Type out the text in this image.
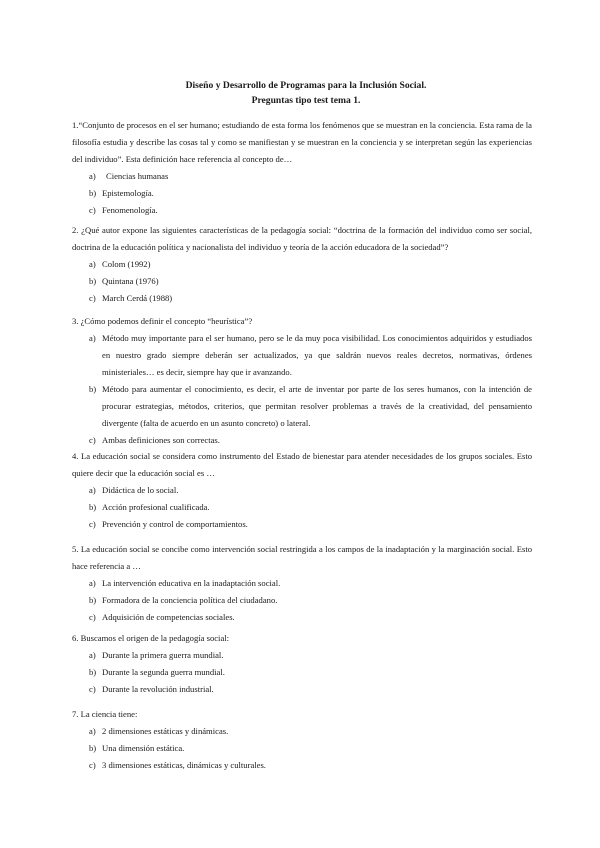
Diseño y Desarrollo de Programas para la Inclusión Social.
Preguntas tipo test tema 1.
1.“Conjunto de procesos en el ser humano; estudiando de esta forma los fenómenos que se muestran en la conciencia. Esta rama de la filosofía estudia y describe las cosas tal y como se manifiestan y se muestran en la conciencia y se interpretan según las experiencias del individuo”. Esta definición hace referencia al concepto de…
a)	Ciencias humanas
b) Epistemología.
c) Fenomenología.
2. ¿Qué autor expone las siguientes características de la pedagogía social: “doctrina de la formación del individuo como ser social, doctrina de la educación política y nacionalista del individuo y teoría de la acción educadora de la sociedad”?
a) Colom (1992)
b) Quintana (1976)
c) March Cerdá (1988)
3. ¿Cómo podemos definir el concepto “heurística”?
a) Método muy importante para el ser humano, pero se le da muy poca visibilidad. Los conocimientos adquiridos y estudiados en nuestro grado siempre deberán ser actualizados, ya que saldrán nuevos reales decretos, normativas, órdenes ministeriales… es decir, siempre hay que ir avanzando.
b) Método para aumentar el conocimiento, es decir, el arte de inventar por parte de los seres humanos, con la intención de procurar estrategias, métodos, criterios, que permitan resolver problemas a través de la creatividad, del pensamiento divergente (falta de acuerdo en un asunto concreto) o lateral.
c) Ambas definiciones son correctas.
4. La educación social se considera como instrumento del Estado de bienestar para atender necesidades de los grupos sociales. Esto quiere decir que la educación social es …
a) Didáctica de lo social.
b) Acción profesional cualificada.
c) Prevención y control de comportamientos.
5. La educación social se concibe como intervención social restringida a los campos de la inadaptación y la marginación social. Esto hace referencia a …
a) La intervención educativa en la inadaptación social.
b) Formadora de la conciencia política del ciudadano.
c) Adquisición de competencias sociales.
6. Buscamos el origen de la pedagogía social:
a) Durante la primera guerra mundial.
b) Durante la segunda guerra mundial.
c) Durante la revolución industrial.
7. La ciencia tiene:
a) 2 dimensiones estáticas y dinámicas.
b) Una dimensión estática.
c) 3 dimensiones estáticas, dinámicas y culturales.
